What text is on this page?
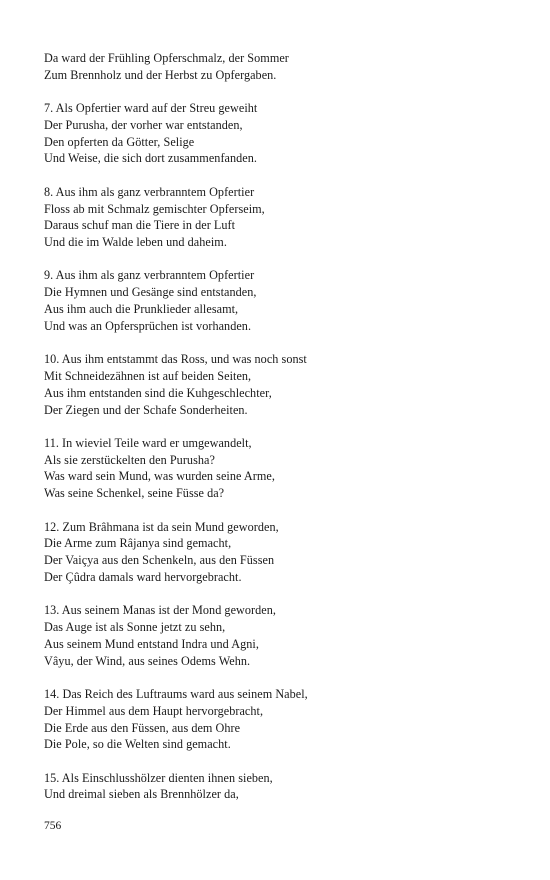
Da ward der Frühling Opferschmalz, der Sommer
Zum Brennholz und der Herbst zu Opfergaben.
7. Als Opfertier ward auf der Streu geweiht
Der Purusha, der vorher war entstanden,
Den opferten da Götter, Selige
Und Weise, die sich dort zusammenfanden.
8. Aus ihm als ganz verbranntem Opfertier
Floss ab mit Schmalz gemischter Opferseim,
Daraus schuf man die Tiere in der Luft
Und die im Walde leben und daheim.
9. Aus ihm als ganz verbranntem Opfertier
Die Hymnen und Gesänge sind entstanden,
Aus ihm auch die Prunklieder allesamt,
Und was an Opfersprüchen ist vorhanden.
10. Aus ihm entstammt das Ross, und was noch sonst
Mit Schneidezähnen ist auf beiden Seiten,
Aus ihm entstanden sind die Kuhgeschlechter,
Der Ziegen und der Schafe Sonderheiten.
11. In wieviel Teile ward er umgewandelt,
Als sie zerstückelten den Purusha?
Was ward sein Mund, was wurden seine Arme,
Was seine Schenkel, seine Füsse da?
12. Zum Brâhmana ist da sein Mund geworden,
Die Arme zum Râjanya sind gemacht,
Der Vaiçya aus den Schenkeln, aus den Füssen
Der Çûdra damals ward hervorgebracht.
13. Aus seinem Manas ist der Mond geworden,
Das Auge ist als Sonne jetzt zu sehn,
Aus seinem Mund entstand Indra und Agni,
Vâyu, der Wind, aus seines Odems Wehn.
14. Das Reich des Luftraums ward aus seinem Nabel,
Der Himmel aus dem Haupt hervorgebracht,
Die Erde aus den Füssen, aus dem Ohre
Die Pole, so die Welten sind gemacht.
15. Als Einschlusshölzer dienten ihnen sieben,
Und dreimal sieben als Brennhölzer da,
756
